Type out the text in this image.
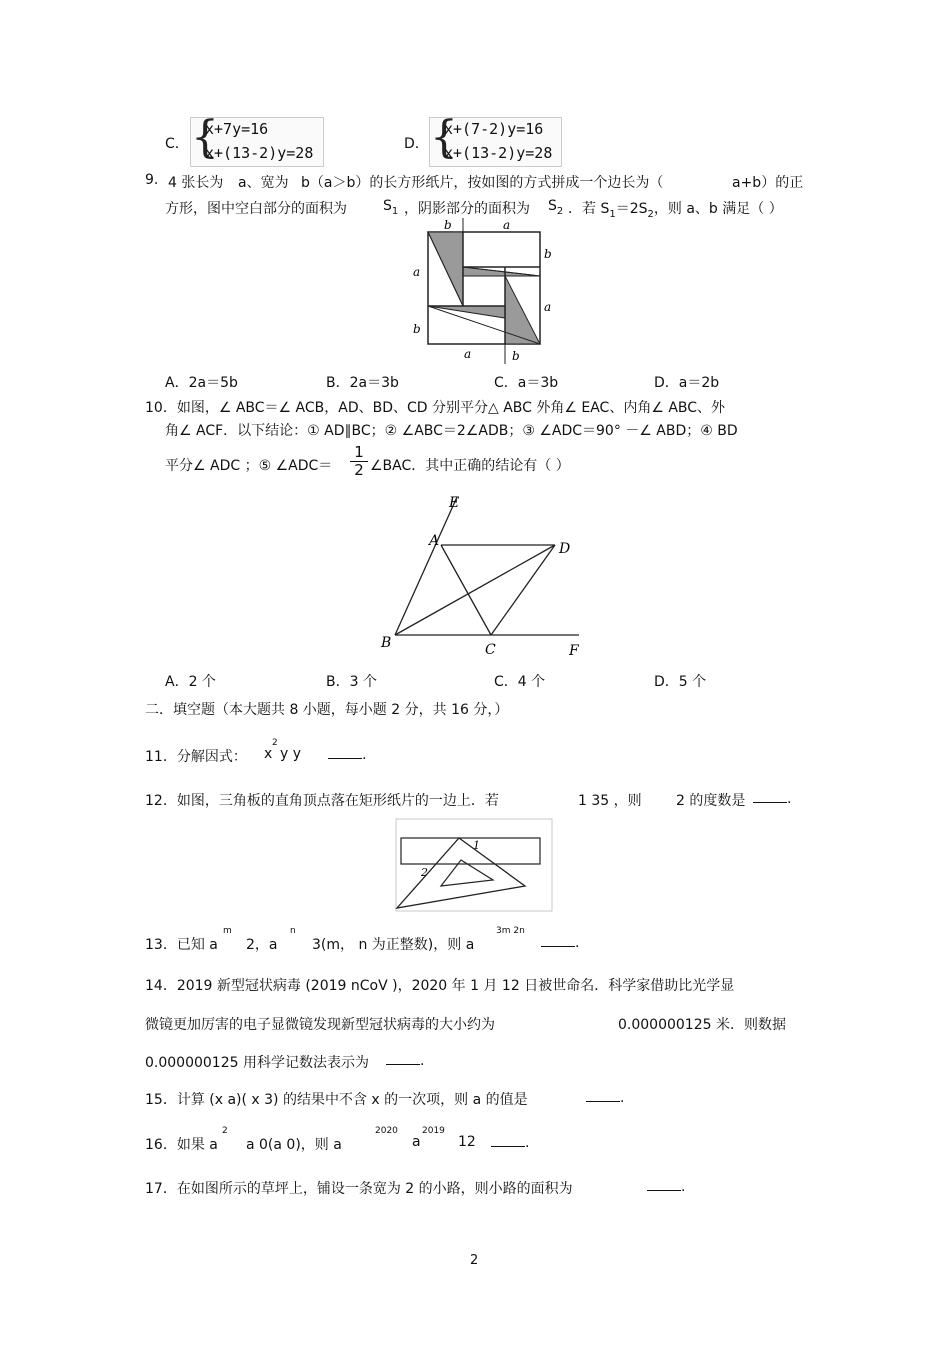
C． {
x+7y=16
x+(13-2)y=28	D． {
x+(7-2)y=16
x+(13-2)y=28
9. 4 张长为 a、宽为 b（a＞b）的长方形纸片，按如图的方式拼成一个边长为（	a+b）的正
方形，图中空白部分的面积为	$S_1$ ，阴影部分的面积为 $S_2$ ．若 $S_1=2S_2$，则 a、b 满足（ ）
b	a
a
b
a
b
a	b
A．2a＝5b	B．2a＝3b	C．a＝3b	D．a＝2b
10．如图，∠ ABC＝∠ ACB，AD、BD、CD 分别平分△ ABC 外角∠ EAC、内角∠ ABC、外
角∠ ACF．以下结论：① AD∥BC；② ∠ABC＝2∠ADB；③ ∠ADC＝90° －∠ ABD；④ BD
平分∠ ADC ；⑤ ∠ADC＝ $\frac{1}{2}$ ∠BAC．其中正确的结论有（ ）
E
A	D
B	C	F
A．2 个	B．3 个	C．4 个	D．5 个
二．填空题（本大题共 8 小题，每小题 2 分，共 16 分，）
11．分解因式： x
2
y y	.
12．如图，三角板的直角顶点落在矩形纸片的一边上．若	1 35 ，则 2 的度数是	.
1
2
13．已知 a
m
2，a
n
3(m， n 为正整数)，则 a
3m 2n
.
14．2019 新型冠状病毒 (2019 nCoV )，2020 年 1 月 12 日被世命名．科学家借助比光学显
微镜更加厉害的电子显微镜发现新型冠状病毒的大小约为	0.000000125 米．则数据
0.000000125 用科学记数法表示为	.
15．计算 (x a)( x 3) 的结果中不含 x 的一次项，则 a 的值是	.
16．如果 a
2
a 0(a 0)，则 a
2020
a
2019
12	.
17．在如图所示的草坪上，铺设一条宽为 2 的小路，则小路的面积为	.
2
